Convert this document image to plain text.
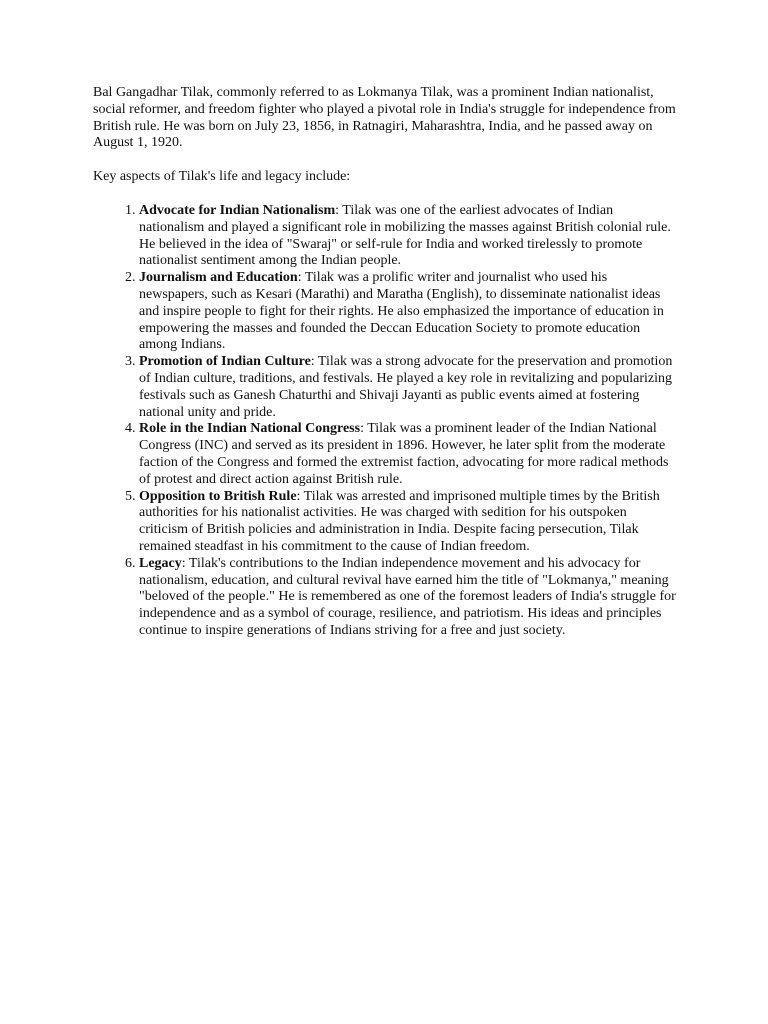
Bal Gangadhar Tilak, commonly referred to as Lokmanya Tilak, was a prominent Indian nationalist, social reformer, and freedom fighter who played a pivotal role in India's struggle for independence from British rule. He was born on July 23, 1856, in Ratnagiri, Maharashtra, India, and he passed away on August 1, 1920.

Key aspects of Tilak's life and legacy include:

1. Advocate for Indian Nationalism: Tilak was one of the earliest advocates of Indian nationalism and played a significant role in mobilizing the masses against British colonial rule. He believed in the idea of "Swaraj" or self-rule for India and worked tirelessly to promote nationalist sentiment among the Indian people.
2. Journalism and Education: Tilak was a prolific writer and journalist who used his newspapers, such as Kesari (Marathi) and Maratha (English), to disseminate nationalist ideas and inspire people to fight for their rights. He also emphasized the importance of education in empowering the masses and founded the Deccan Education Society to promote education among Indians.
3. Promotion of Indian Culture: Tilak was a strong advocate for the preservation and promotion of Indian culture, traditions, and festivals. He played a key role in revitalizing and popularizing festivals such as Ganesh Chaturthi and Shivaji Jayanti as public events aimed at fostering national unity and pride.
4. Role in the Indian National Congress: Tilak was a prominent leader of the Indian National Congress (INC) and served as its president in 1896. However, he later split from the moderate faction of the Congress and formed the extremist faction, advocating for more radical methods of protest and direct action against British rule.
5. Opposition to British Rule: Tilak was arrested and imprisoned multiple times by the British authorities for his nationalist activities. He was charged with sedition for his outspoken criticism of British policies and administration in India. Despite facing persecution, Tilak remained steadfast in his commitment to the cause of Indian freedom.
6. Legacy: Tilak's contributions to the Indian independence movement and his advocacy for nationalism, education, and cultural revival have earned him the title of "Lokmanya," meaning "beloved of the people." He is remembered as one of the foremost leaders of India's struggle for independence and as a symbol of courage, resilience, and patriotism. His ideas and principles continue to inspire generations of Indians striving for a free and just society.
